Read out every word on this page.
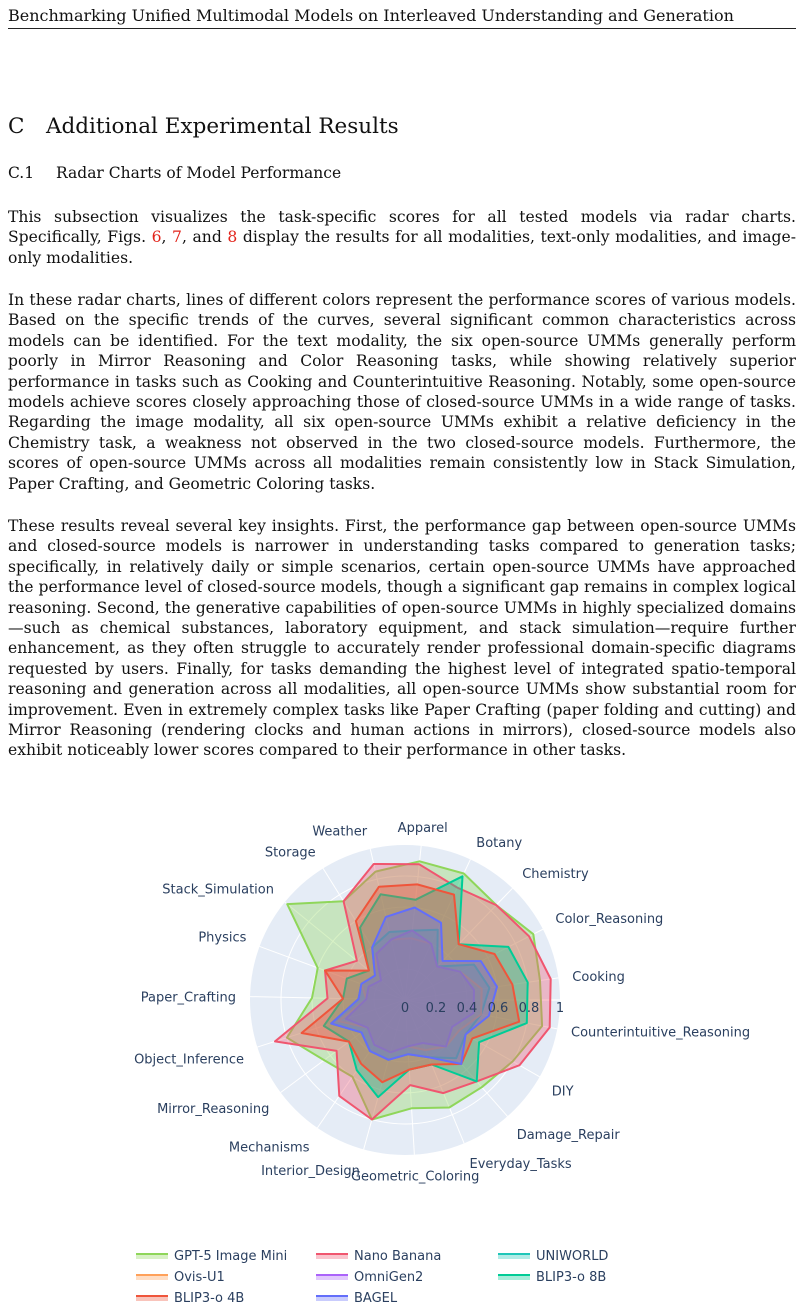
Benchmarking Unified Multimodal Models on Interleaved Understanding and Generation
C Additional Experimental Results
C.1 Radar Charts of Model Performance

This subsection visualizes the task-specific scores for all tested models via radar charts. Specifically, Figs. 6, 7, and 8 display the results for all modalities, text-only modalities, and image-only modalities.

In these radar charts, lines of different colors represent the performance scores of various models. Based on the specific trends of the curves, several significant common characteristics across models can be identified. For the text modality, the six open-source UMMs generally perform poorly in Mirror Reasoning and Color Reasoning tasks, while showing relatively superior performance in tasks such as Cooking and Counterintuitive Reasoning. Notably, some open-source models achieve scores closely approaching those of closed-source UMMs in a wide range of tasks. Regarding the image modality, all six open-source UMMs exhibit a relative deficiency in the Chemistry task, a weakness not observed in the two closed-source models. Furthermore, the scores of open-source UMMs across all modalities remain consistently low in Stack Simulation, Paper Crafting, and Geometric Coloring tasks.

These results reveal several key insights. First, the performance gap between open-source UMMs and closed-source models is narrower in understanding tasks compared to generation tasks; specifically, in relatively daily or simple scenarios, certain open-source UMMs have approached the performance level of closed-source models, though a significant gap remains in complex logical reasoning. Second, the generative capabilities of open-source UMMs in highly specialized domains—such as chemical substances, laboratory equipment, and stack simulation—require further enhancement, as they often struggle to accurately render professional domain-specific diagrams requested by users. Finally, for tasks demanding the highest level of integrated spatio-temporal reasoning and generation across all modalities, all open-source UMMs show substantial room for improvement. Even in extremely complex tasks like Paper Crafting (paper folding and cutting) and Mirror Reasoning (rendering clocks and human actions in mirrors), closed-source models also exhibit noticeably lower scores compared to their performance in other tasks.

0 0.2 0.4 0.6 0.8 1
Apparel
Botany
Chemistry
Color_Reasoning
Cooking
Counterintuitive_Reasoning
DIY
Damage_Repair
Everyday_Tasks
Geometric_Coloring
Interior_Design
Mechanisms
Mirror_Reasoning
Object_Inference
Paper_Crafting
Physics
Stack_Simulation
Storage
Weather
GPT-5 Image Mini	Nano Banana	UNIWORLD
Ovis-U1	OmniGen2	BLIP3-o 8B
BLIP3-o 4B	BAGEL
